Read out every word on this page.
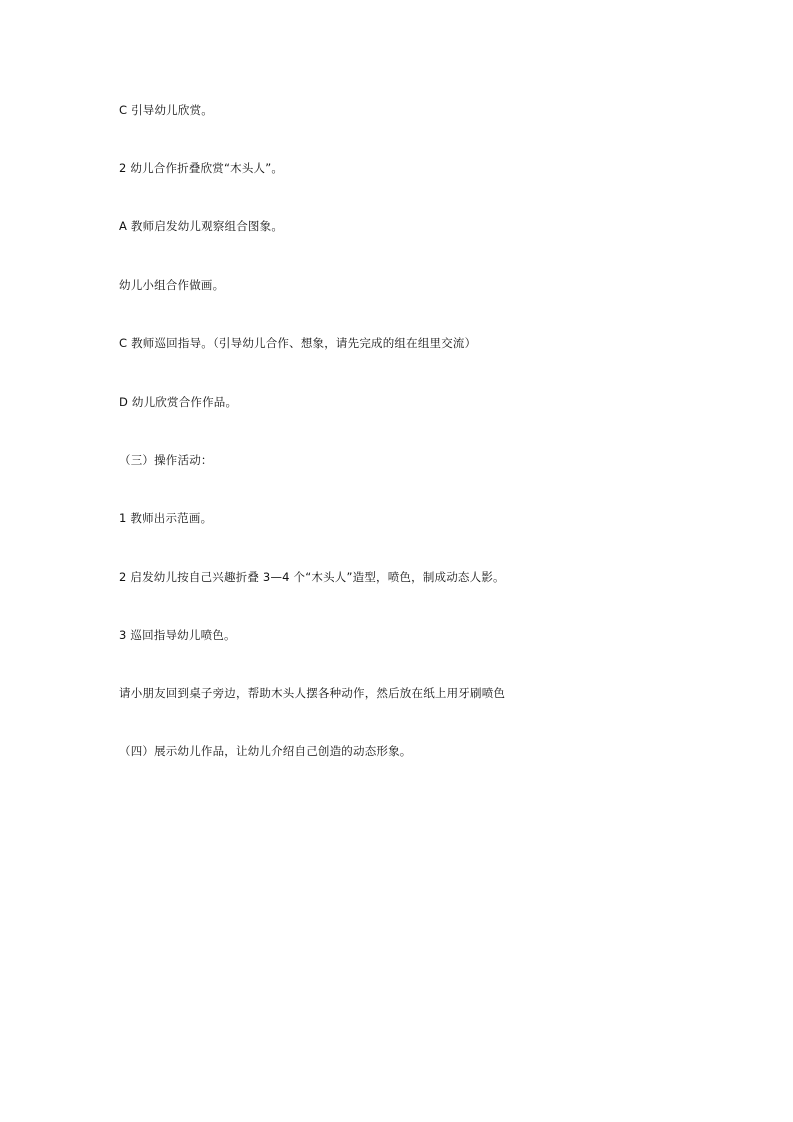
C 引导幼儿欣赏。

2 幼儿合作折叠欣赏“木头人”。

A 教师启发幼儿观察组合图象。

幼儿小组合作做画。

C 教师巡回指导。（引导幼儿合作、想象，请先完成的组在组里交流）

D 幼儿欣赏合作作品。

（三）操作活动：

1 教师出示范画。

2 启发幼儿按自己兴趣折叠 3—4 个“木头人”造型，喷色，制成动态人影。

3 巡回指导幼儿喷色。

请小朋友回到桌子旁边，帮助木头人摆各种动作，然后放在纸上用牙刷喷色

（四）展示幼儿作品，让幼儿介绍自己创造的动态形象。
